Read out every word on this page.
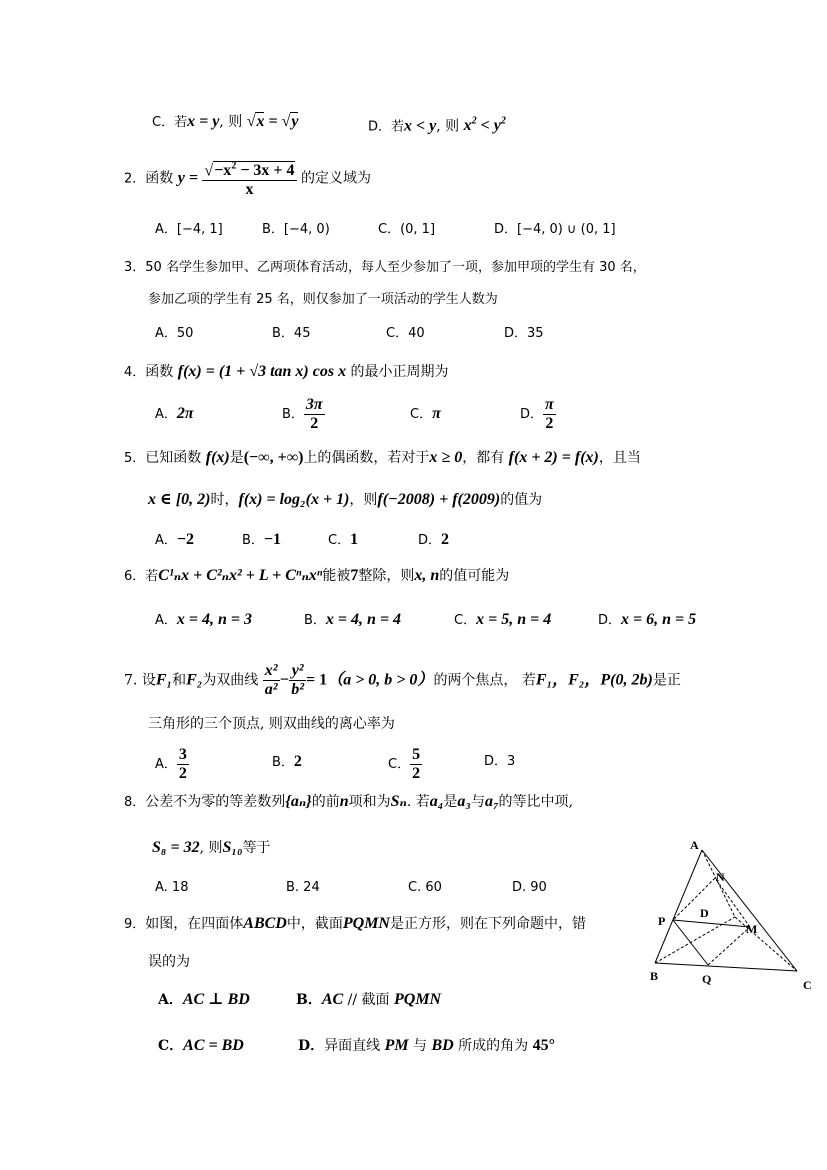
C．若x = y, 则 √x = √y	D．若x < y, 则 $x^2 < y^2$
2．函数 $y = \frac{√-x^2 - 3x + 4}{x}$ 的定义域为
A．[−4, 1]	B．[−4, 0)	C．(0, 1]	D．[−4, 0) ∪ (0, 1]
3．50 名学生参加甲、乙两项体育活动，每人至少参加了一项，参加甲项的学生有 30 名，
参加乙项的学生有 25 名，则仅参加了一项活动的学生人数为
A．50	B．45	C．40	D．35
4．函数 f(x) = (1 + √3 tan x) cos x 的最小正周期为
A．2π	B． $\frac{3\pi}{2}$	C．π	D． $\frac{\pi}{2}$
5．已知函数 f(x)是(−∞, +∞)上的偶函数，若对于x ≥ 0，都有 f(x + 2) = f(x)，且当
x ∈ [0, 2)时，f(x) = log₂(x + 1)，则f(−2008) + f(2009)的值为
A．−2	B．−1	C．1	D．2
6．若C¹ₙx + C²ₙx² + L + Cⁿₙxⁿ能被7整除，则x, n的值可能为
A．x = 4, n = 3	B．x = 4, n = 4	C．x = 5, n = 4	D．x = 6, n = 5
7. 设F₁和F₂为双曲线 $\frac{\text{x²}}{\text{a²}} - \frac{\text{y²}}{\text{b²}} = 1(a > 0$, b > 0）的两个焦点， 若F₁，F₂，P(0, 2b)是正
三角形的三个顶点, 则双曲线的离心率为
A． $\frac{3}{2}$	B．2	C． $\frac{5}{2}$	D．3
8．公差不为零的等差数列{aₙ}的前n项和为Sₙ. 若a₄是a₃与a₇的等比中项,
S₈ = 32, 则S₁₀等于
A. 18	B. 24	C. 60	D. 90
9．如图，在四面体ABCD中，截面PQMN是正方形，则在下列命题中，错
误的为
A．AC ⊥ BD	B．AC // 截面 PQMN
C．AC = BD	D．异面直线 PM 与 BD 所成的角为 45°
A
N
D
P
M
B	Q	C
